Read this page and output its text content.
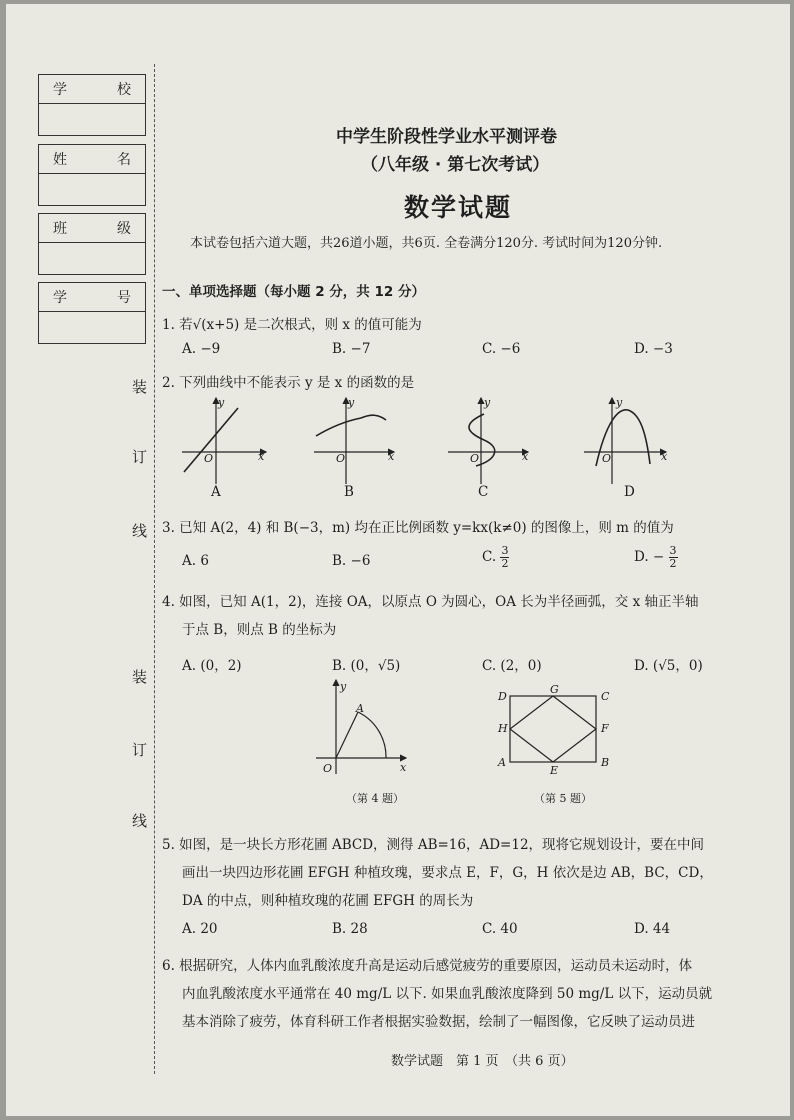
学	校
姓	名
班	级
学	号
装
订
线
装
订
线
中学生阶段性学业水平测评卷
（八年级 · 第七次考试）
数学试题
本试卷包括六道大题，共26道小题，共6页. 全卷满分120分. 考试时间为120分钟.
一、单项选择题（每小题 2 分，共 12 分）
1. 若√(x+5) 是二次根式，则 x 的值可能为
A. −9	B. −7	C. −6	D. −3
2. 下列曲线中不能表示 y 是 x 的函数的是
y
x
O
y
x
O
y
x
O
y
x
O
A	B	C	D
3. 已知 A(2，4) 和 B(−3，m) 均在正比例函数 y=kx(k≠0) 的图像上，则 m 的值为
A. 6	B. −6	C. $\frac{3}{2}$	D. − $\frac{3}{2}$
4. 如图，已知 A(1，2)，连接 OA，以原点 O 为圆心，OA 长为半径画弧，交 x 轴正半轴
于点 B，则点 B 的坐标为
A. (0，2)	B. (0，√5)	C. (2，0)	D. (√5，0)
A
y
x
O
（第 4 题）
D
G
C
H	F
A
E
B
（第 5 题）
5. 如图，是一块长方形花圃 ABCD，测得 AB=16，AD=12，现将它规划设计，要在中间
画出一块四边形花圃 EFGH 种植玫瑰，要求点 E，F，G，H 依次是边 AB，BC，CD，
DA 的中点，则种植玫瑰的花圃 EFGH 的周长为
A. 20	B. 28	C. 40	D. 44
6. 根据研究，人体内血乳酸浓度升高是运动后感觉疲劳的重要原因，运动员未运动时，体
内血乳酸浓度水平通常在 40 mg/L 以下. 如果血乳酸浓度降到 50 mg/L 以下，运动员就
基本消除了疲劳，体育科研工作者根据实验数据，绘制了一幅图像，它反映了运动员进
数学试题　第 1 页　（共 6 页）
